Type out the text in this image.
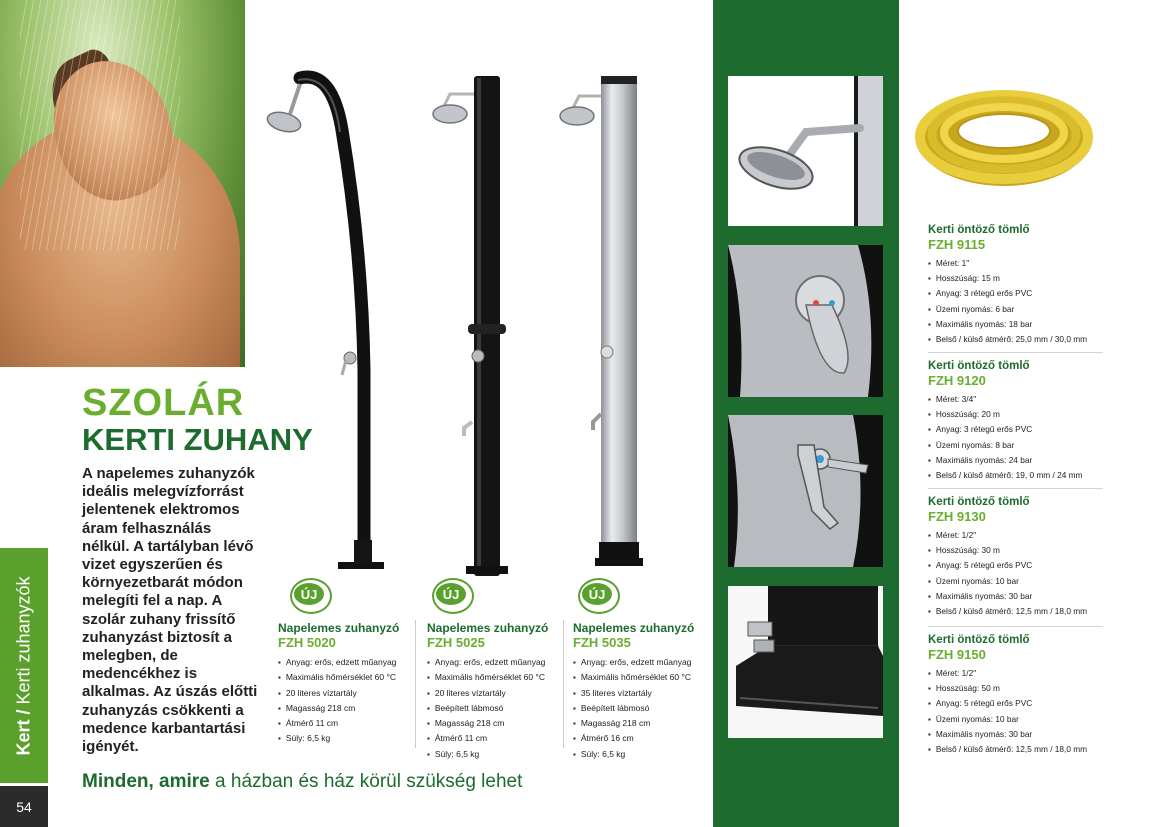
Kert / Kerti zuhanyzók
54
SZOLÁR
KERTI ZUHANY
A napelemes zuhanyzók ideális melegvízforrást jelentenek elektromos áram felhasználás nélkül. A tartályban lévő vizet egyszerűen és környezetbarát módon melegíti fel a nap. A szolár zuhany frissítő zuhanyzást biztosít a melegben, de medencékhez is alkalmas. Az úszás előtti zuhanyzás csökkenti a medence karbantartási igényét.
Minden, amire a házban és ház körül szükség lehet
ÚJ	ÚJ	ÚJ
Napelemes zuhanyzó
FZH 5020
▪ Anyag: erős, edzett műanyag
▪ Maximális hőmérséklet 60 °C
▪ 20 literes víztartály
▪ Magasság 218 cm
▪ Átmérő 11 cm
▪ Súly: 6,5 kg
Napelemes zuhanyzó
FZH 5025
▪ Anyag: erős, edzett műanyag
▪ Maximális hőmérséklet 60 °C
▪ 20 literes víztartály
▪ Beépített lábmosó
▪ Magasság 218 cm
▪ Átmérő 11 cm
▪ Súly: 6,5 kg
Napelemes zuhanyzó
FZH 5035
▪ Anyag: erős, edzett műanyag
▪ Maximális hőmérséklet 60 °C
▪ 35 literes víztartály
▪ Beépített lábmosó
▪ Magasság 218 cm
▪ Átmérő 16 cm
▪ Súly: 6,5 kg
Kerti öntöző tömlő
FZH 9115
▪ Méret: 1"
▪ Hosszúság: 15 m
▪ Anyag: 3 rétegű erős PVC
▪ Üzemi nyomás: 6 bar
▪ Maximális nyomás: 18 bar
▪ Belső / külső átmérő: 25,0 mm / 30,0 mm
Kerti öntöző tömlő
FZH 9120
▪ Méret: 3/4"
▪ Hosszúság: 20 m
▪ Anyag: 3 rétegű erős PVC
▪ Üzemi nyomás: 8 bar
▪ Maximális nyomás: 24 bar
▪ Belső / külső átmérő: 19, 0 mm / 24 mm
Kerti öntöző tömlő
FZH 9130
▪ Méret: 1/2"
▪ Hosszúság: 30 m
▪ Anyag: 5 rétegű erős PVC
▪ Üzemi nyomás: 10 bar
▪ Maximális nyomás: 30 bar
▪ Belső / külső átmérő: 12,5 mm / 18,0 mm
Kerti öntöző tömlő
FZH 9150
▪ Méret: 1/2"
▪ Hosszúság: 50 m
▪ Anyag: 5 rétegű erős PVC
▪ Üzemi nyomás: 10 bar
▪ Maximális nyomás: 30 bar
▪ Belső / külső átmérő: 12,5 mm / 18,0 mm
